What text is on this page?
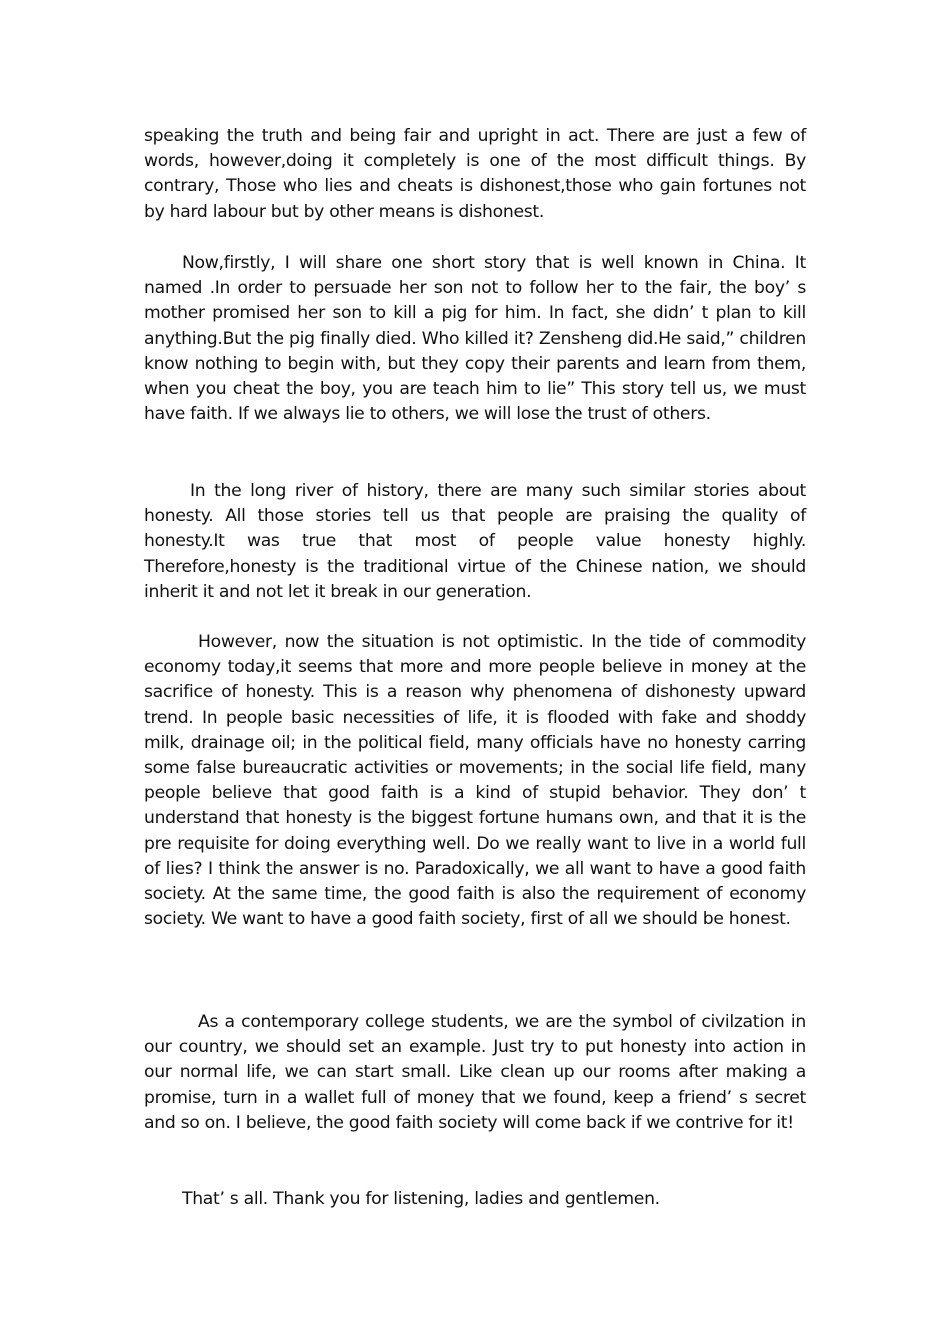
speaking the truth and being fair and upright in act. There are just a few of words, however,doing it completely is one of the most difficult things. By contrary, Those who lies and cheats is dishonest,those who gain fortunes not by hard labour but by other means is dishonest.

Now,firstly, I will share one short story that is well known in China. It named .In order to persuade her son not to follow her to the fair, the boy’ s mother promised her son to kill a pig for him. In fact, she didn’ t plan to kill anything.But the pig finally died. Who killed it? Zensheng did.He said,” children know nothing to begin with, but they copy their parents and learn from them, when you cheat the boy, you are teach him to lie” This story tell us, we must have faith. If we always lie to others, we will lose the trust of others.

In the long river of history, there are many such similar stories about honesty. All those stories tell us that people are praising the quality of honesty.It was true that most of people value honesty highly. Therefore,honesty is the traditional virtue of the Chinese nation, we should inherit it and not let it break in our generation.

However, now the situation is not optimistic. In the tide of commodity economy today,it seems that more and more people believe in money at the sacrifice of honesty. This is a reason why phenomena of dishonesty upward trend. In people basic necessities of life, it is flooded with fake and shoddy milk, drainage oil; in the political field, many officials have no honesty carring some false bureaucratic activities or movements; in the social life field, many people believe that good faith is a kind of stupid behavior. They don’ t understand that honesty is the biggest fortune humans own, and that it is the pre requisite for doing everything well. Do we really want to live in a world full of lies? I think the answer is no. Paradoxically, we all want to have a good faith society. At the same time, the good faith is also the requirement of economy society. We want to have a good faith society, first of all we should be honest.

As a contemporary college students, we are the symbol of civilzation in our country, we should set an example. Just try to put honesty into action in our normal life, we can start small. Like clean up our rooms after making a promise, turn in a wallet full of money that we found, keep a friend’ s secret and so on. I believe, the good faith society will come back if we contrive for it!

That’ s all. Thank you for listening, ladies and gentlemen.
